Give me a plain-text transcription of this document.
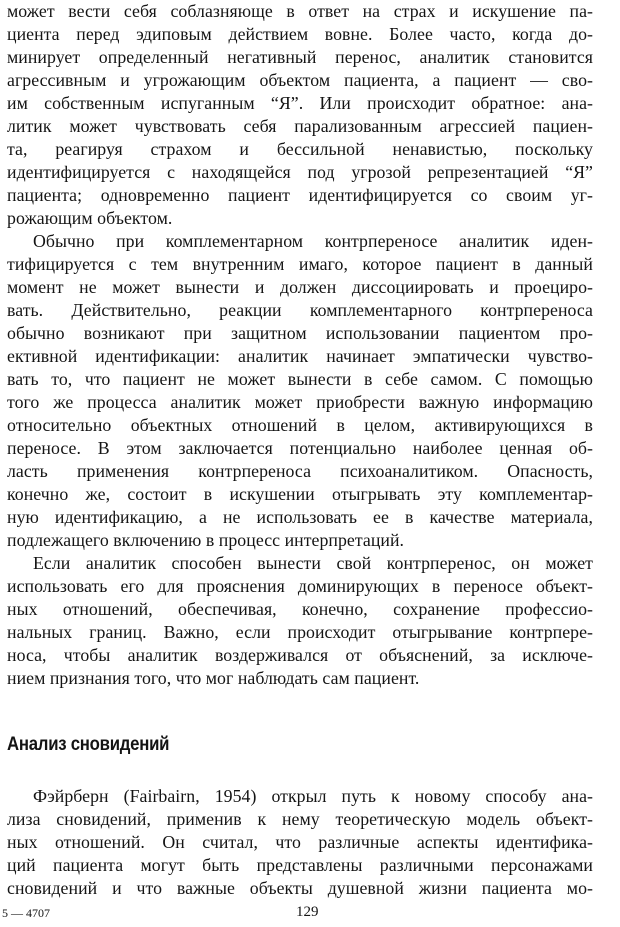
может вести себя соблазняюще в ответ на страх и искушение па-
циента перед эдиповым действием вовне. Более часто, когда до-
минирует определенный негативный перенос, аналитик становится
агрессивным и угрожающим объектом пациента, а пациент — сво-
им собственным испуганным “Я”. Или происходит обратное: ана-
литик может чувствовать себя парализованным агрессией пациен-
та, реагируя страхом и бессильной ненавистью, поскольку
идентифицируется с находящейся под угрозой репрезентацией “Я”
пациента; одновременно пациент идентифицируется со своим уг-
рожающим объектом.
Обычно при комплементарном контрпереносе аналитик иден-
тифицируется с тем внутренним имаго, которое пациент в данный
момент не может вынести и должен диссоциировать и проециро-
вать. Действительно, реакции комплементарного контрпереноса
обычно возникают при защитном использовании пациентом про-
ективной идентификации: аналитик начинает эмпатически чувство-
вать то, что пациент не может вынести в себе самом. С помощью
того же процесса аналитик может приобрести важную информацию
относительно объектных отношений в целом, активирующихся в
переносе. В этом заключается потенциально наиболее ценная об-
ласть применения контрпереноса психоаналитиком. Опасность,
конечно же, состоит в искушении отыгрывать эту комплементар-
ную идентификацию, а не использовать ее в качестве материала,
подлежащего включению в процесс интерпретаций.
Если аналитик способен вынести свой контрперенос, он может
использовать его для прояснения доминирующих в переносе объект-
ных отношений, обеспечивая, конечно, сохранение профессио-
нальных границ. Важно, если происходит отыгрывание контрпере-
носа, чтобы аналитик воздерживался от объяснений, за исключе-
нием признания того, что мог наблюдать сам пациент.
Анализ сновидений
Фэйрберн (Fairbairn, 1954) открыл путь к новому способу ана-
лиза сновидений, применив к нему теоретическую модель объект-
ных отношений. Он считал, что различные аспекты идентифика-
ций пациента могут быть представлены различными персонажами
сновидений и что важные объекты душевной жизни пациента мо-
5 — 4707	129
